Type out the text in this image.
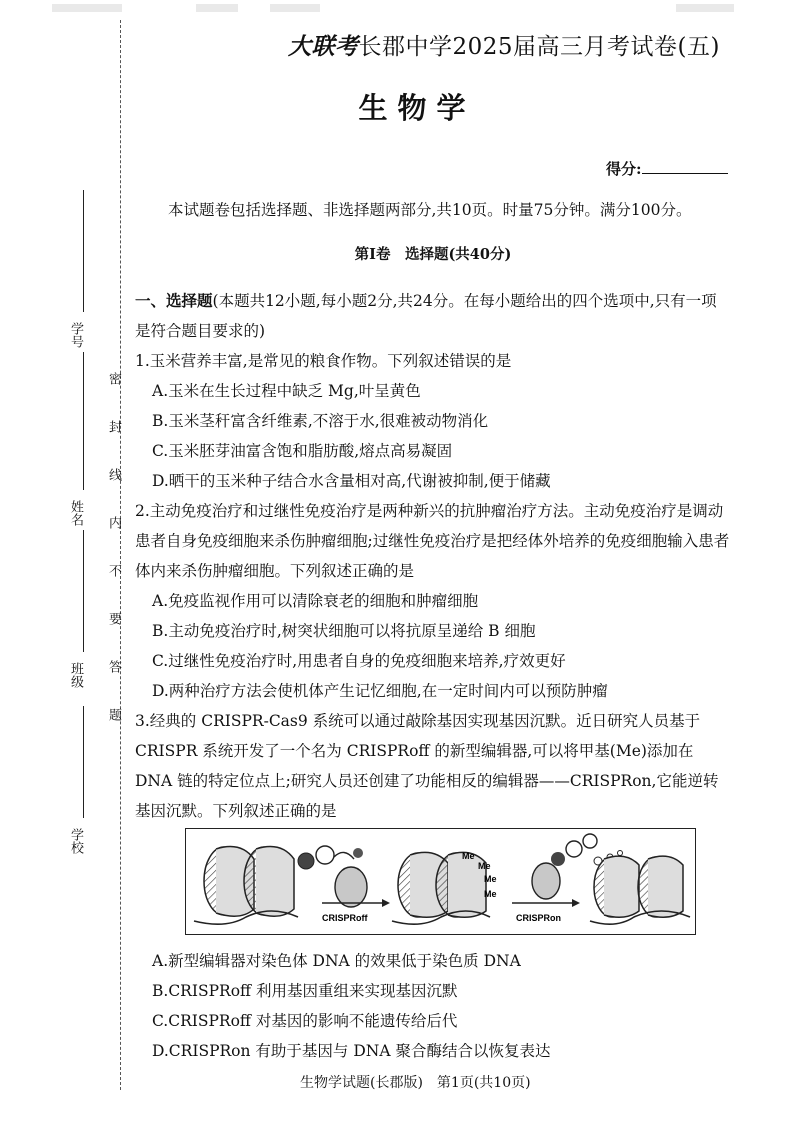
学号
姓名
班级
学校
密　封　线　内　不　要　答　题
大联考长郡中学2025届高三月考试卷(五)
生物学
得分:
本试题卷包括选择题、非选择题两部分,共10页。时量75分钟。满分100分。
第Ⅰ卷　选择题(共40分)

一、选择题(本题共12小题,每小题2分,共24分。在每小题给出的四个选项中,只有一项是符合题目要求的)

1.玉米营养丰富,是常见的粮食作物。下列叙述错误的是

A.玉米在生长过程中缺乏 Mg,叶呈黄色

B.玉米茎秆富含纤维素,不溶于水,很难被动物消化

C.玉米胚芽油富含饱和脂肪酸,熔点高易凝固

D.晒干的玉米种子结合水含量相对高,代谢被抑制,便于储藏

2.主动免疫治疗和过继性免疫治疗是两种新兴的抗肿瘤治疗方法。主动免疫治疗是调动患者自身免疫细胞来杀伤肿瘤细胞;过继性免疫治疗是把经体外培养的免疫细胞输入患者体内来杀伤肿瘤细胞。下列叙述正确的是

A.免疫监视作用可以清除衰老的细胞和肿瘤细胞

B.主动免疫治疗时,树突状细胞可以将抗原呈递给 B 细胞

C.过继性免疫治疗时,用患者自身的免疫细胞来培养,疗效更好

D.两种治疗方法会使机体产生记忆细胞,在一定时间内可以预防肿瘤

3.经典的 CRISPR-Cas9 系统可以通过敲除基因实现基因沉默。近日研究人员基于 CRISPR 系统开发了一个名为 CRISPRoff 的新型编辑器,可以将甲基(Me)添加在 DNA 链的特定位点上;研究人员还创建了功能相反的编辑器——CRISPRon,它能逆转基因沉默。下列叙述正确的是

CRISPRoff
Me
Me
Me
Me
CRISPRon

A.新型编辑器对染色体 DNA 的效果低于染色质 DNA

B.CRISPRoff 利用基因重组来实现基因沉默

C.CRISPRoff 对基因的影响不能遗传给后代

D.CRISPRon 有助于基因与 DNA 聚合酶结合以恢复表达

生物学试题(长郡版)　第1页(共10页)
